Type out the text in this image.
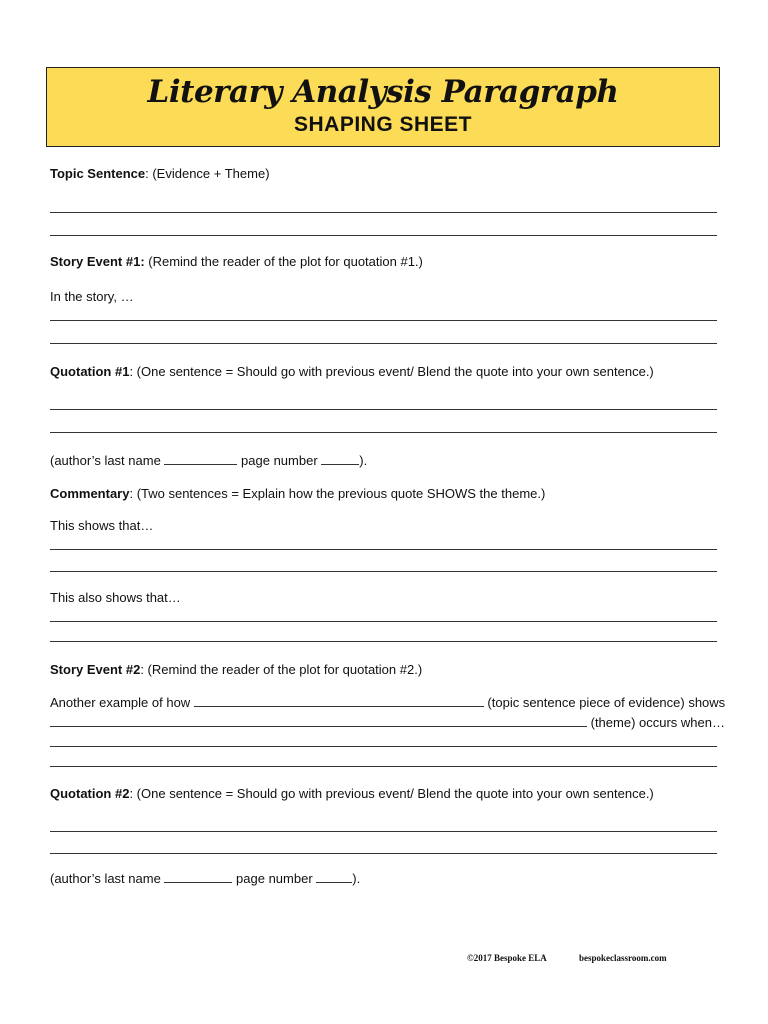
Literary Analysis Paragraph
SHAPING SHEET
Topic Sentence: (Evidence + Theme)
Story Event #1: (Remind the reader of the plot for quotation #1.)
In the story, …
Quotation #1: (One sentence = Should go with previous event/ Blend the quote into your own sentence.)
(author’s last name	page number	).
Commentary: (Two sentences = Explain how the previous quote SHOWS the theme.)
This shows that…
This also shows that…
Story Event #2: (Remind the reader of the plot for quotation #2.)
Another example of how	(topic sentence piece of evidence) shows
(theme) occurs when…
Quotation #2: (One sentence = Should go with previous event/ Blend the quote into your own sentence.)
(author’s last name	page number	).
©2017 Bespoke ELA	bespokeclassroom.com
